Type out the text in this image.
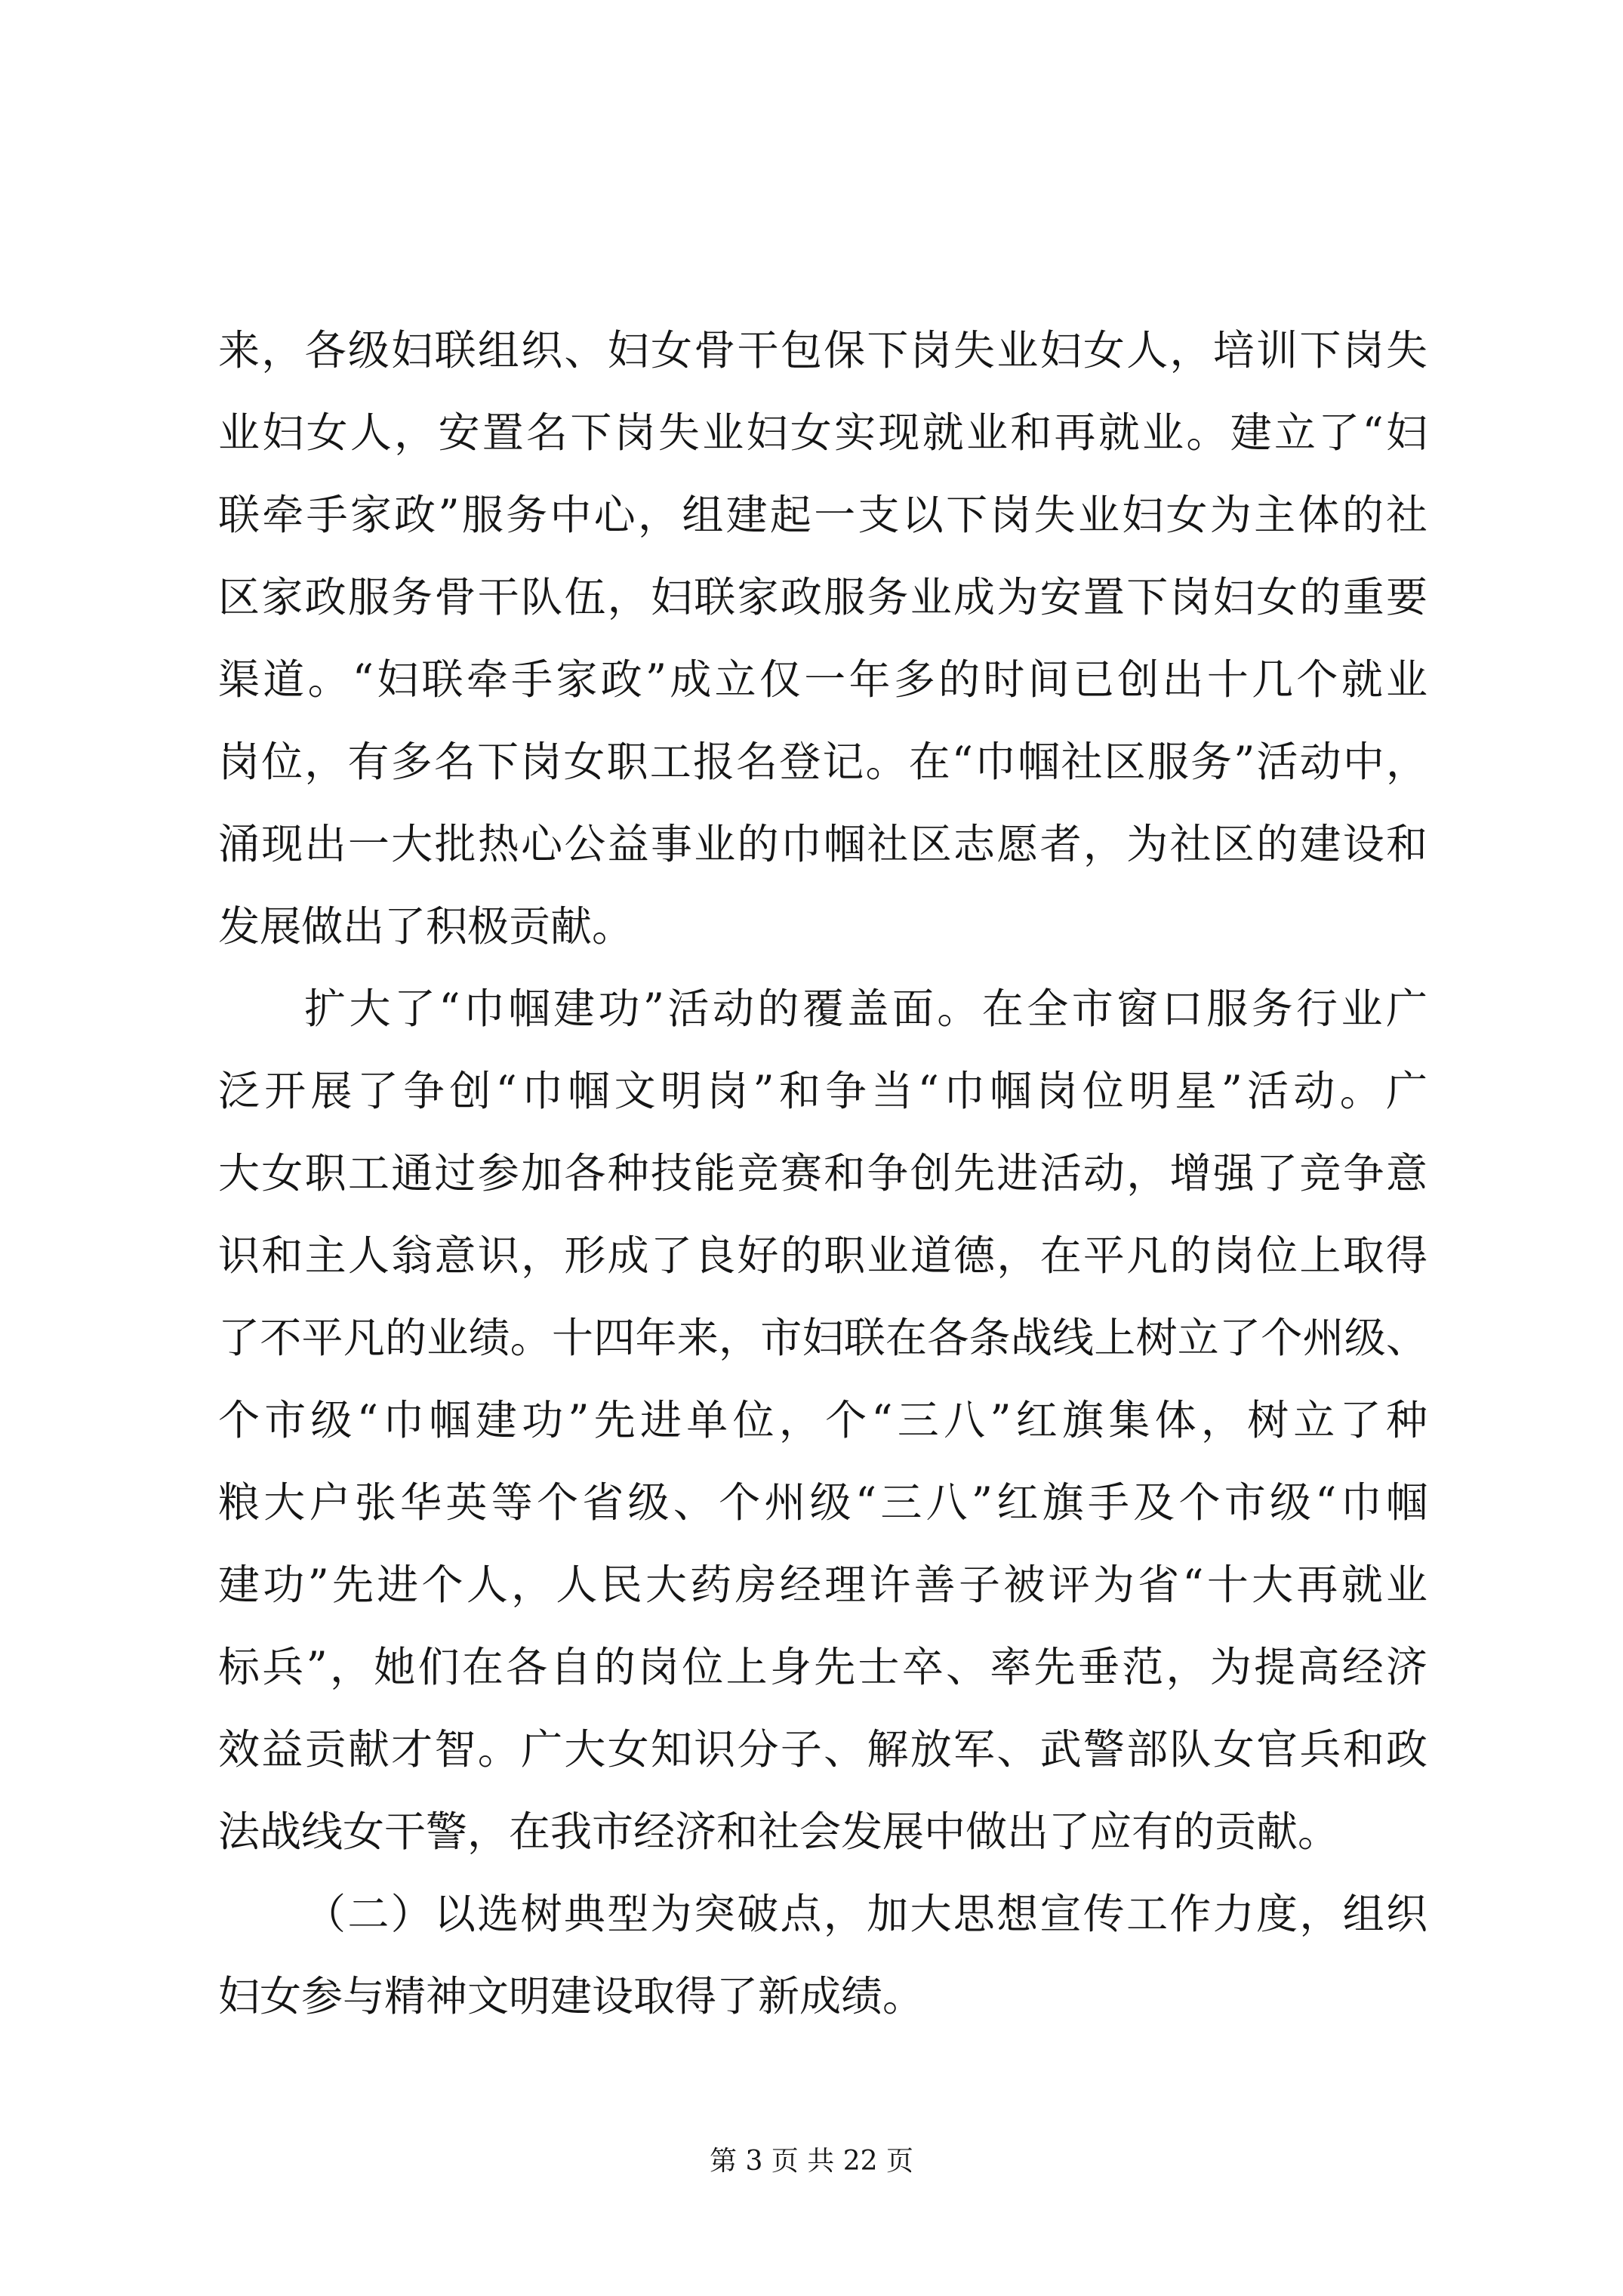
来，各级妇联组织、妇女骨干包保下岗失业妇女人，培训下岗失
业妇女人，安置名下岗失业妇女实现就业和再就业。建立了“妇
联牵手家政”服务中心，组建起一支以下岗失业妇女为主体的社
区家政服务骨干队伍，妇联家政服务业成为安置下岗妇女的重要
渠道。“妇联牵手家政”成立仅一年多的时间已创出十几个就业
岗位，有多名下岗女职工报名登记。在“巾帼社区服务”活动中，
涌现出一大批热心公益事业的巾帼社区志愿者，为社区的建设和
发展做出了积极贡献。
扩大了“巾帼建功”活动的覆盖面。在全市窗口服务行业广
泛开展了争创“巾帼文明岗”和争当“巾帼岗位明星”活动。广
大女职工通过参加各种技能竞赛和争创先进活动，增强了竞争意
识和主人翁意识，形成了良好的职业道德，在平凡的岗位上取得
了不平凡的业绩。十四年来，市妇联在各条战线上树立了个州级、
个市级“巾帼建功”先进单位，个“三八”红旗集体，树立了种
粮大户张华英等个省级、个州级“三八”红旗手及个市级“巾帼
建功”先进个人，人民大药房经理许善子被评为省“十大再就业
标兵”，她们在各自的岗位上身先士卒、率先垂范，为提高经济
效益贡献才智。广大女知识分子、解放军、武警部队女官兵和政
法战线女干警，在我市经济和社会发展中做出了应有的贡献。
（二）以选树典型为突破点，加大思想宣传工作力度，组织
妇女参与精神文明建设取得了新成绩。
第 3 页 共 22 页
